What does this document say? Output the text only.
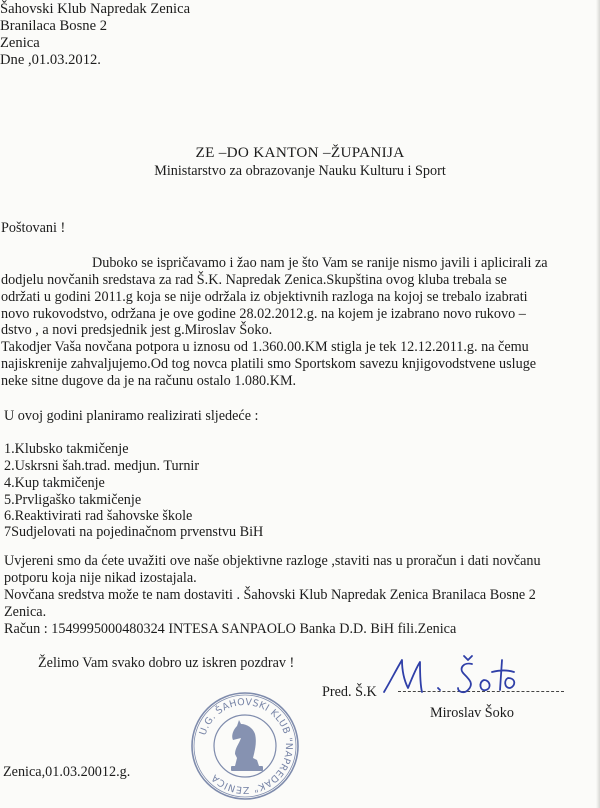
Šahovski Klub Napredak Zenica
Branilaca Bosne 2
Zenica
Dne ,01.03.2012.
ZE –DO KANTON –ŽUPANIJA
Ministarstvo za obrazovanje Nauku Kulturu i Sport
Poštovani !
Duboko se ispričavamo i žao nam je što Vam se ranije nismo javili i aplicirali za
dodjelu novčanih sredstava za rad Š.K. Napredak Zenica.Skupština ovog kluba trebala se
održati u godini 2011.g koja se nije održala iz objektivnih razloga na kojoj se trebalo izabrati
novo rukovodstvo, održana je ove godine 28.02.2012.g. na kojem je izabrano novo rukovo –
dstvo , a novi predsjednik jest g.Miroslav Šoko.
Takodjer Vaša novčana potpora u iznosu od 1.360.00.KM stigla je tek 12.12.2011.g. na čemu
najiskrenije zahvaljujemo.Od tog novca platili smo Sportskom savezu knjigovodstvene usluge
neke sitne dugove da je na računu ostalo 1.080.KM.
U ovoj godini planiramo realizirati sljedeće :
1.Klubsko takmičenje
2.Uskrsni šah.trad. medjun. Turnir
4.Kup takmičenje
5.Prvligaško takmičenje
6.Reaktivirati rad šahovske škole
7Sudjelovati na pojedinačnom prvenstvu BiH
Uvjereni smo da ćete uvažiti ove naše objektivne razloge ,staviti nas u proračun i dati novčanu
potporu koja nije nikad izostajala.
Novčana sredstva može te nam dostaviti . Šahovski Klub Napredak Zenica Branilaca Bosne 2
Zenica.
Račun : 1549995000480324 INTESA SANPAOLO Banka D.D. BiH fili.Zenica
Želimo Vam svako dobro uz iskren pozdrav !
Pred. Š.K
Miroslav Šoko
U.G. ŠAHOVSKI KLUB "NAPREDAK" ZENICA
Zenica,01.03.20012.g.
